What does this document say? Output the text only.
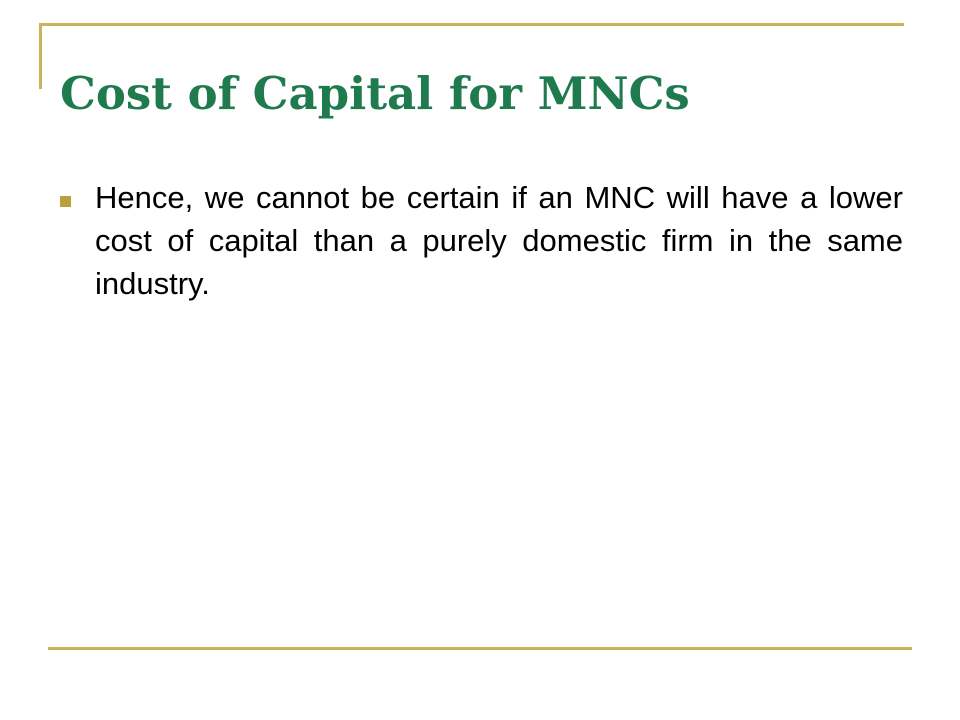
Cost of Capital for MNCs
Hence, we cannot be certain if an MNC will have a lower cost of capital than a purely domestic firm in the same industry.
